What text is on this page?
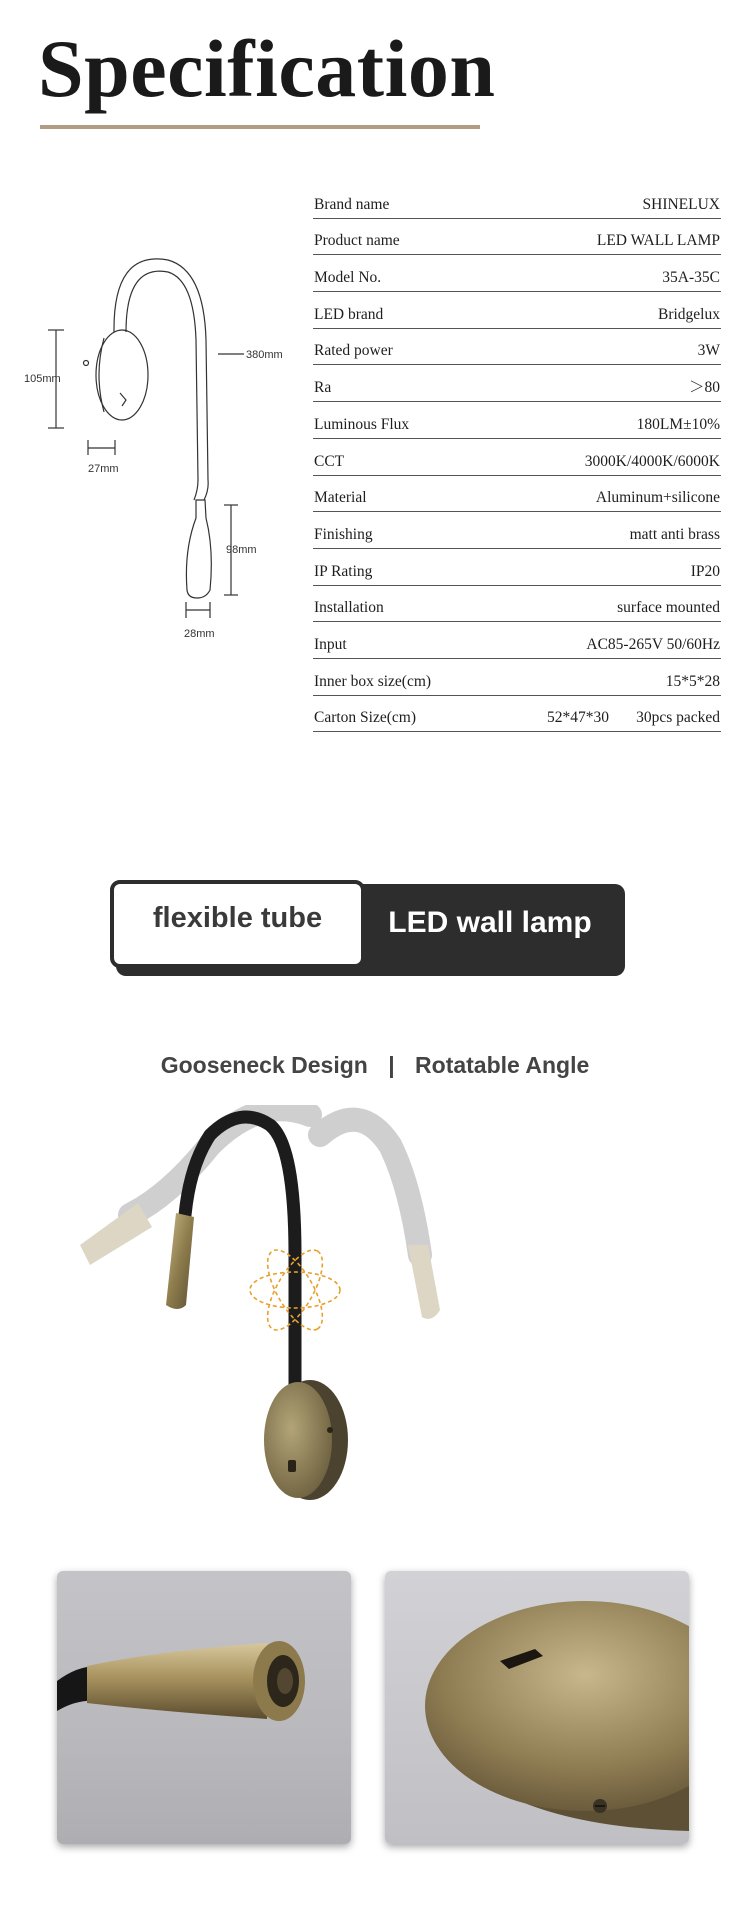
Specification
105mm
380mm
27mm
98mm
28mm
Brand name	SHINELUX
Product name	LED WALL LAMP
Model No.	35A-35C
LED brand	Bridgelux
Rated power	3W
Ra	＞80
Luminous Flux	180LM±10%
CCT	3000K/4000K/6000K
Material	Aluminum+silicone
Finishing	matt anti brass
IP Rating	IP20
Installation	surface mounted
Input	AC85-265V 50/60Hz
Inner box size(cm)	15*5*28
Carton Size(cm)	52*47*30 30pcs packed
flexible tube	LED wall lamp
Gooseneck Design | Rotatable Angle
